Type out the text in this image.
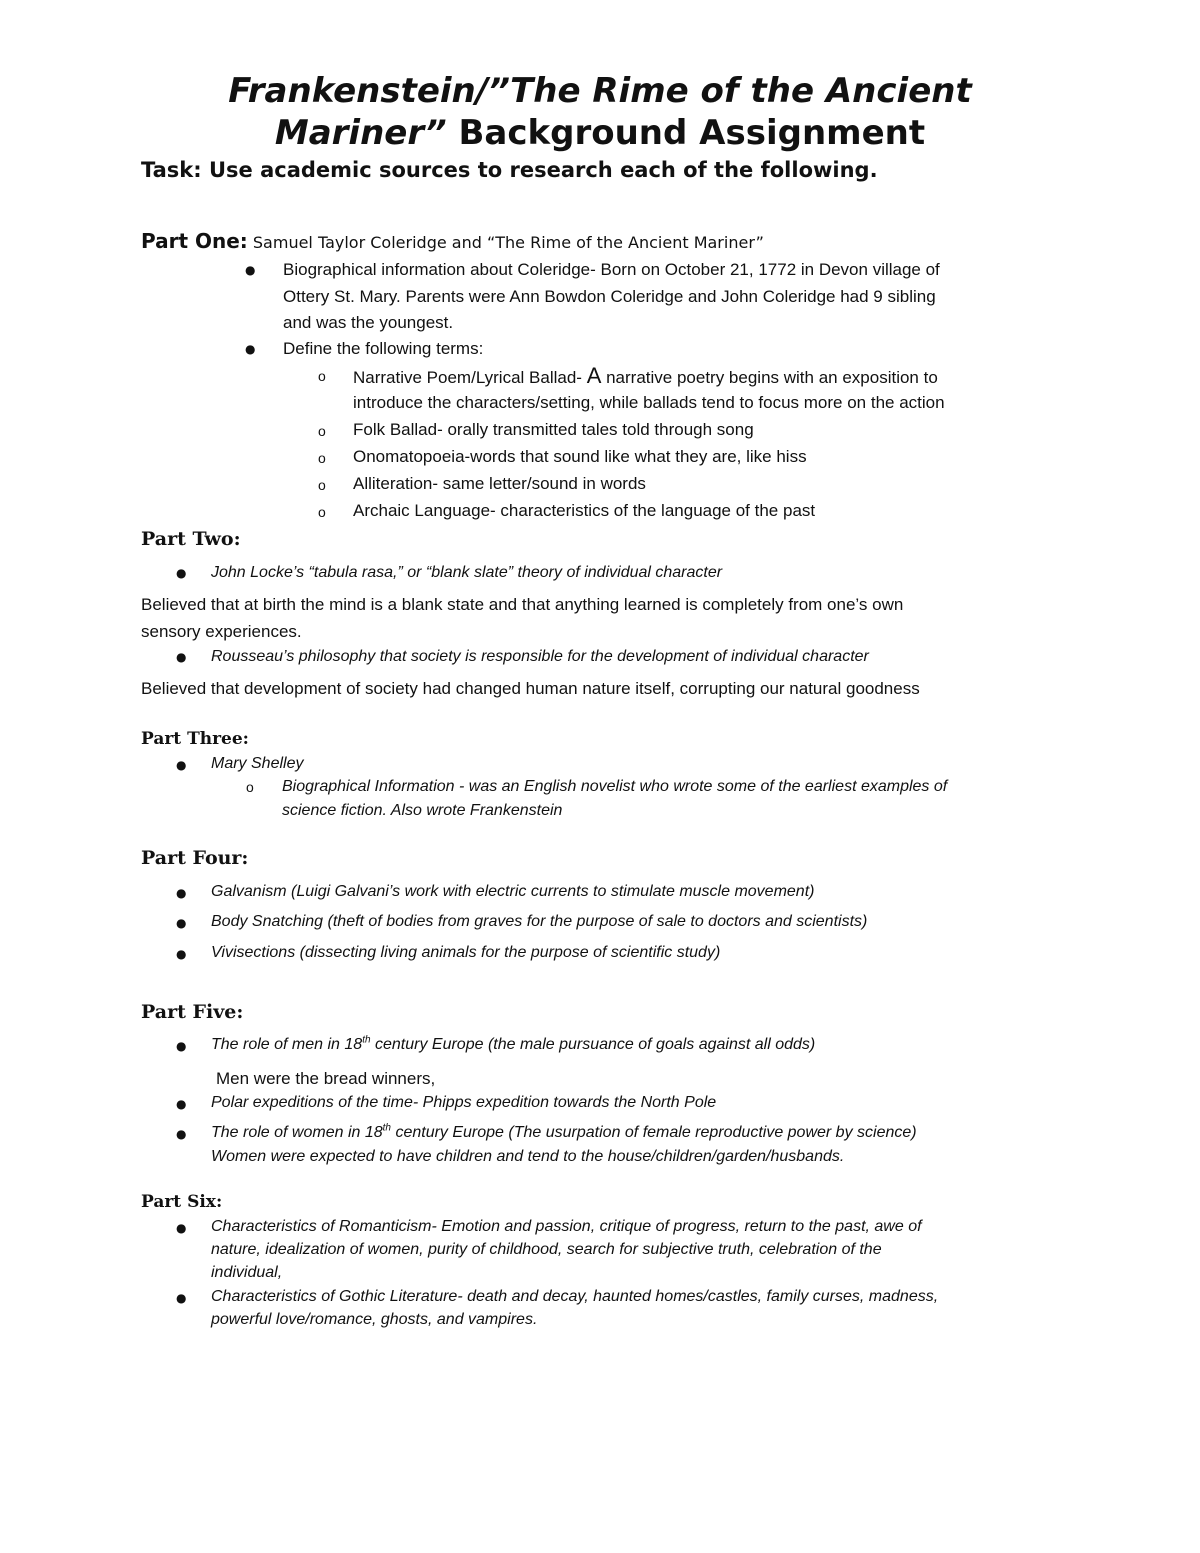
Frankenstein/”The Rime of the Ancient
Mariner” Background Assignment
Task: Use academic sources to research each of the following.
Part One: Samuel Taylor Coleridge and “The Rime of the Ancient Mariner”
● Biographical information about Coleridge- Born on October 21, 1772 in Devon village of
Ottery St. Mary. Parents were Ann Bowdon Coleridge and John Coleridge had 9 sibling
and was the youngest.
● Define the following terms:
o Narrative Poem/Lyrical Ballad- A narrative poetry begins with an exposition to
introduce the characters/setting, while ballads tend to focus more on the action
o Folk Ballad- orally transmitted tales told through song
o Onomatopoeia-words that sound like what they are, like hiss
o Alliteration- same letter/sound in words
o Archaic Language- characteristics of the language of the past
Part Two:
● John Locke’s “tabula rasa,” or “blank slate” theory of individual character
Believed that at birth the mind is a blank state and that anything learned is completely from one’s own
sensory experiences.
● Rousseau’s philosophy that society is responsible for the development of individual character
Believed that development of society had changed human nature itself, corrupting our natural goodness
Part Three:
● Mary Shelley
o Biographical Information - was an English novelist who wrote some of the earliest examples of
science fiction. Also wrote Frankenstein
Part Four:
● Galvanism (Luigi Galvani’s work with electric currents to stimulate muscle movement)
● Body Snatching (theft of bodies from graves for the purpose of sale to doctors and scientists)
● Vivisections (dissecting living animals for the purpose of scientific study)
Part Five:
● The role of men in 18th century Europe (the male pursuance of goals against all odds)
Men were the bread winners,
● Polar expeditions of the time- Phipps expedition towards the North Pole
● The role of women in 18th century Europe (The usurpation of female reproductive power by science)
Women were expected to have children and tend to the house/children/garden/husbands.
Part Six:
● Characteristics of Romanticism- Emotion and passion, critique of progress, return to the past, awe of
nature, idealization of women, purity of childhood, search for subjective truth, celebration of the
individual,
● Characteristics of Gothic Literature- death and decay, haunted homes/castles, family curses, madness,
powerful love/romance, ghosts, and vampires.
